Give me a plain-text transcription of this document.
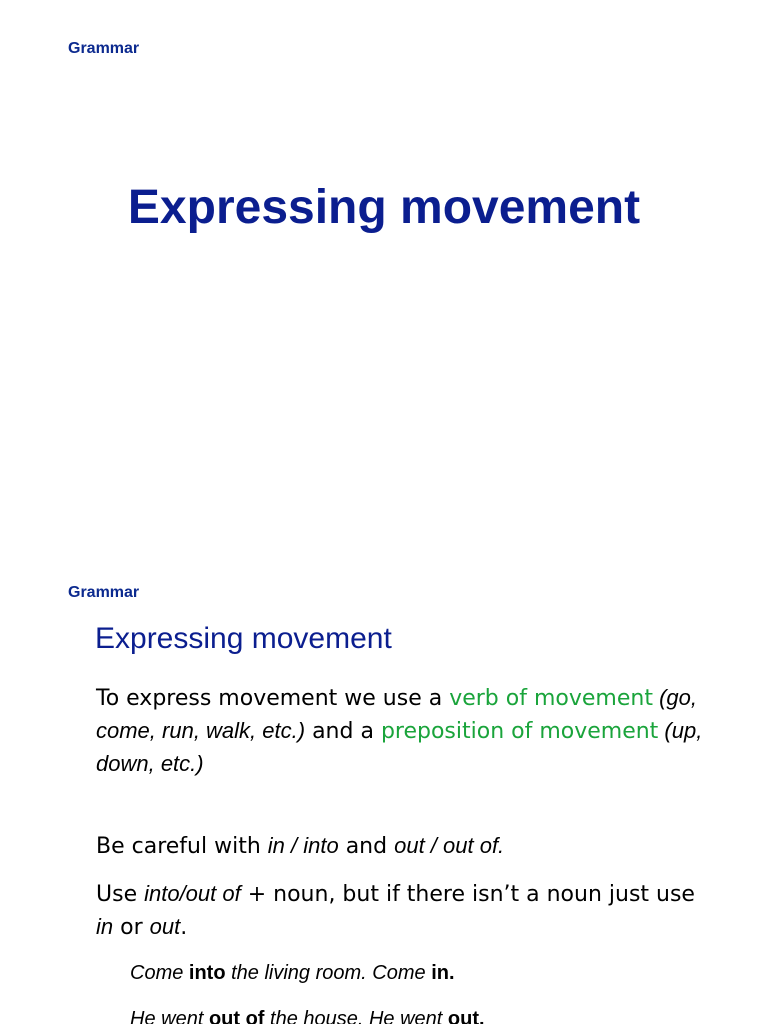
Grammar
Expressing movement
Grammar
Expressing movement
To express movement we use a verb of movement (go, come, run, walk, etc.) and a preposition of movement (up, down, etc.)
Be careful with in / into and out / out of.
Use into/out of + noun, but if there isn’t a noun just use in or out.
Come into the living room. Come in.
He went out of the house. He went out.
